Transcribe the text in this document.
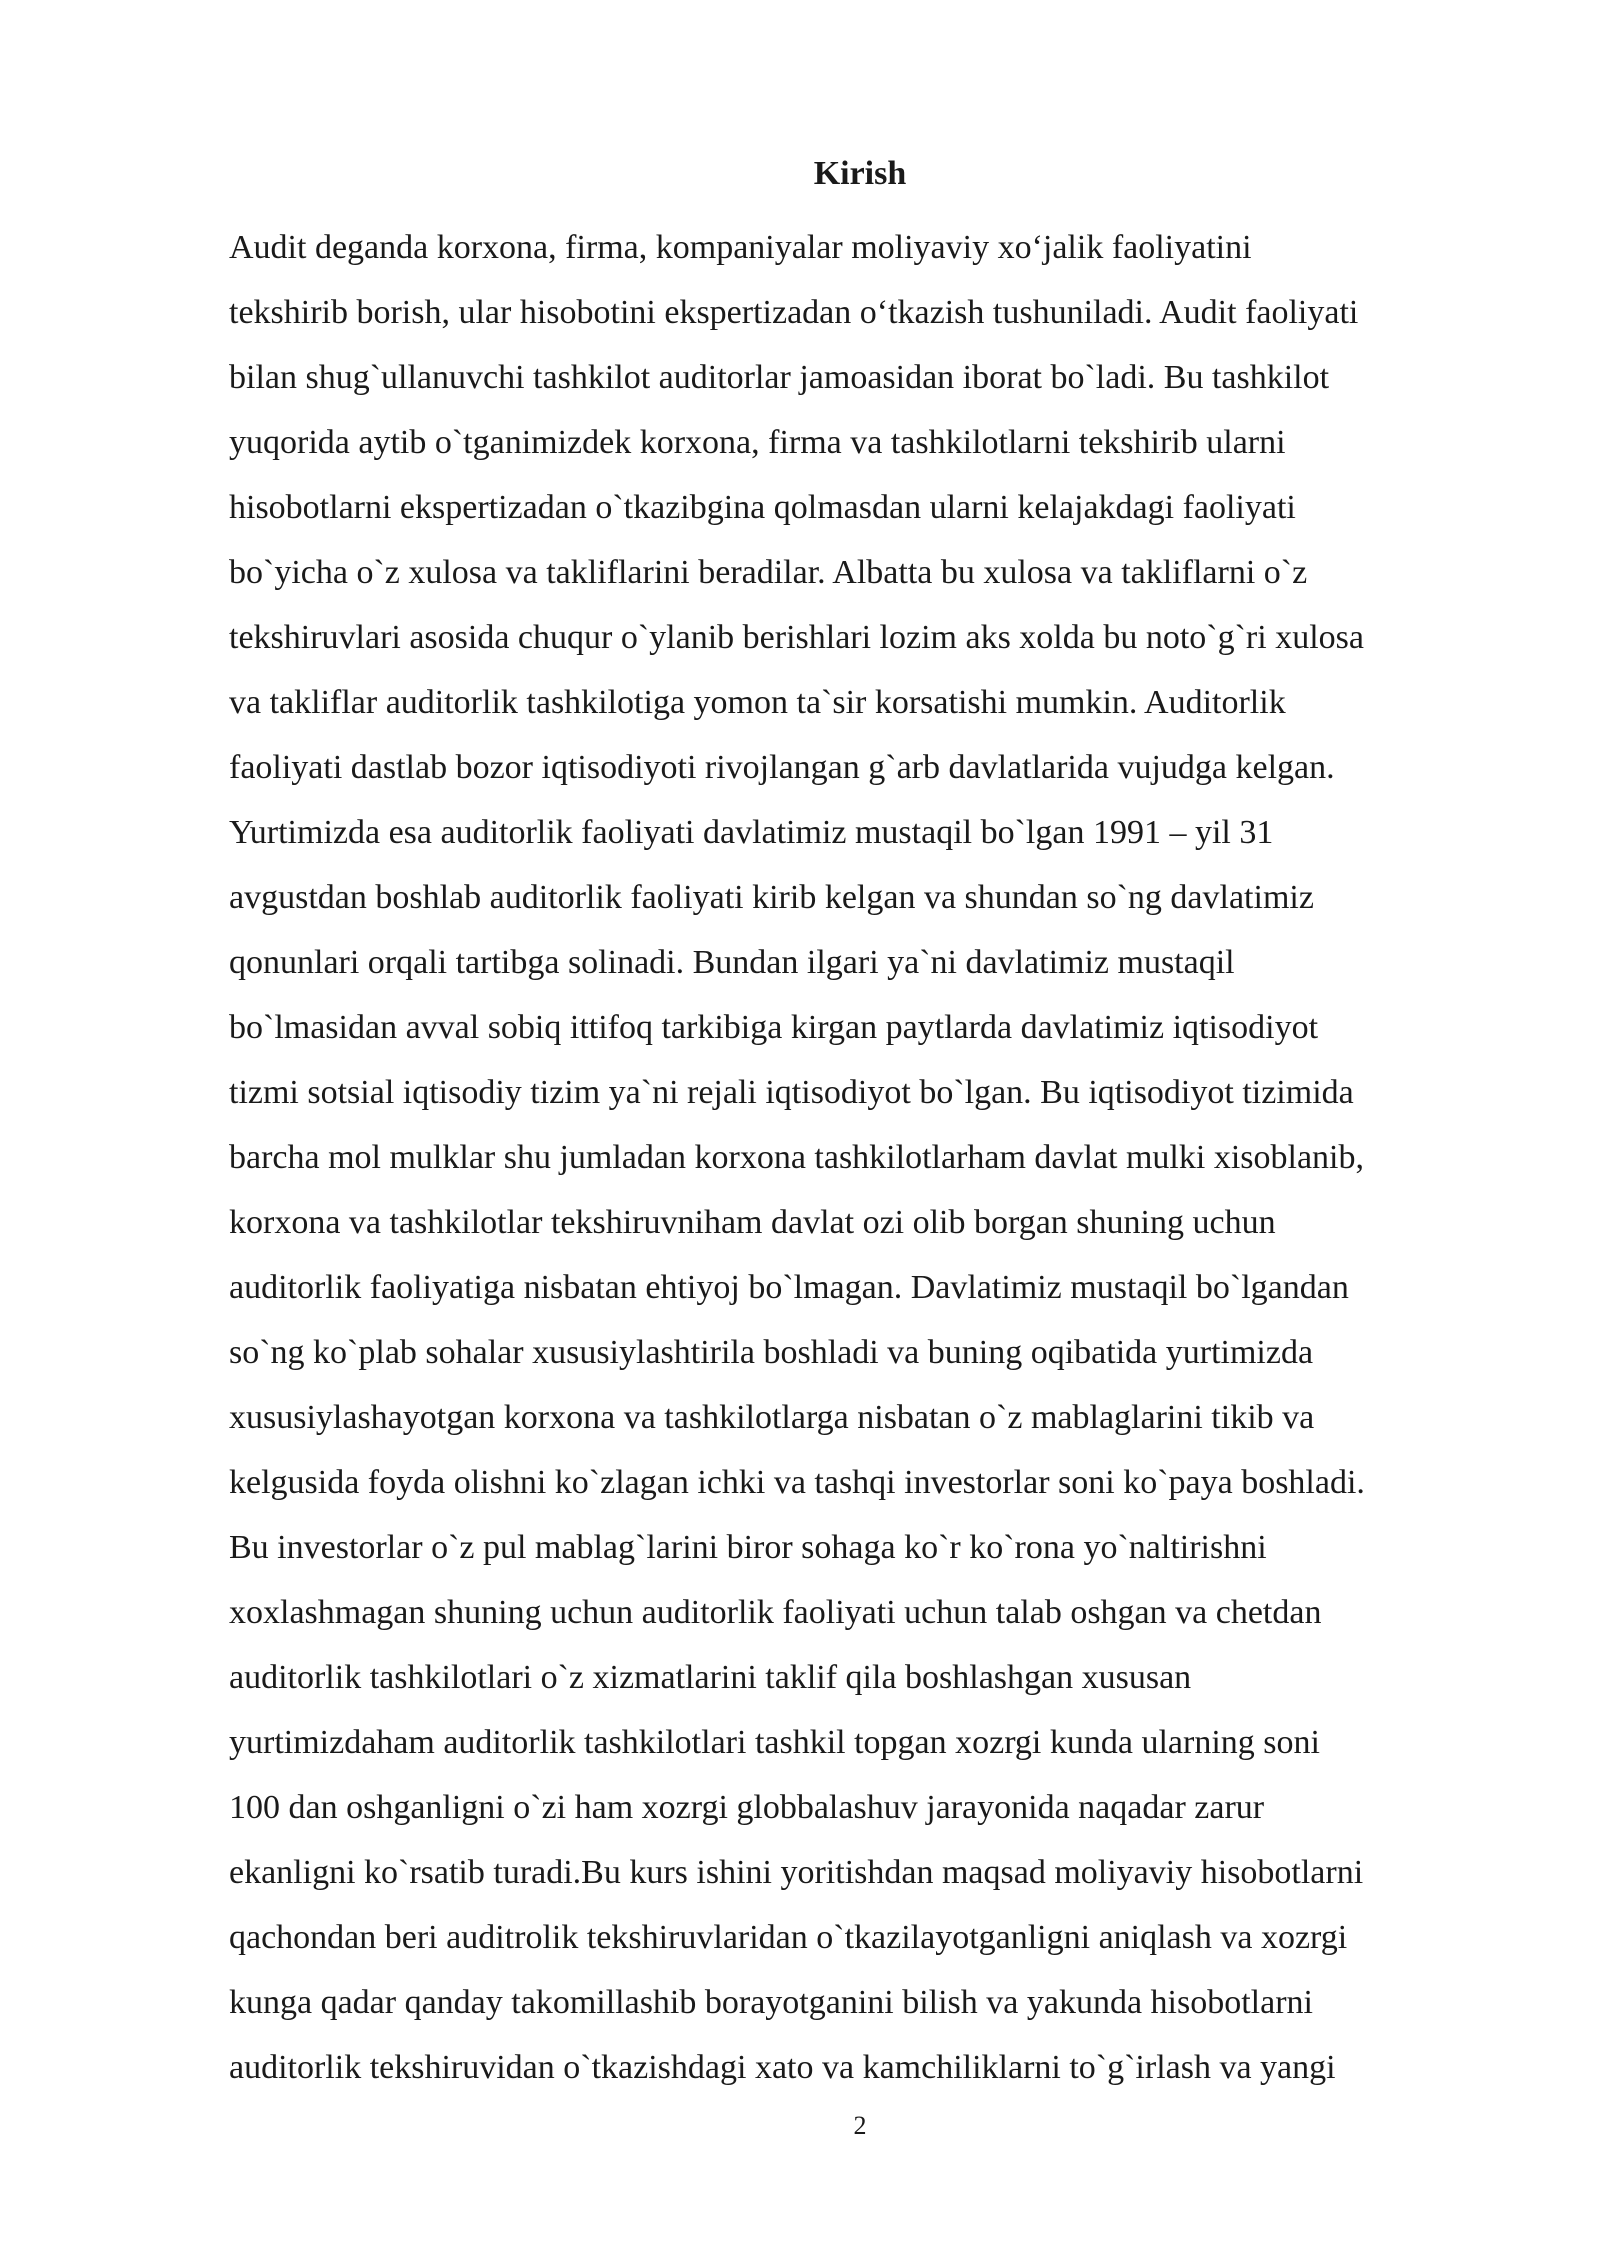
Kirish
Audit deganda korxona, firma, kompaniyalar moliyaviy xo‘jalik faoliyatini
tekshirib borish, ular hisobotini ekspertizadan o‘tkazish tushuniladi. Audit faoliyati
bilan shug`ullanuvchi tashkilot auditorlar jamoasidan iborat bo`ladi. Bu tashkilot
yuqorida aytib o`tganimizdek korxona, firma va tashkilotlarni tekshirib ularni
hisobotlarni ekspertizadan o`tkazibgina qolmasdan ularni kelajakdagi faoliyati
bo`yicha o`z xulosa va takliflarini beradilar. Albatta bu xulosa va takliflarni o`z
tekshiruvlari asosida chuqur o`ylanib berishlari lozim aks xolda bu noto`g`ri xulosa
va takliflar auditorlik tashkilotiga yomon ta`sir korsatishi mumkin. Auditorlik
faoliyati dastlab bozor iqtisodiyoti rivojlangan g`arb davlatlarida vujudga kelgan.
Yurtimizda esa auditorlik faoliyati davlatimiz mustaqil bo`lgan 1991 – yil 31
avgustdan boshlab auditorlik faoliyati kirib kelgan va shundan so`ng davlatimiz
qonunlari orqali tartibga solinadi. Bundan ilgari ya`ni davlatimiz mustaqil
bo`lmasidan avval sobiq ittifoq tarkibiga kirgan paytlarda davlatimiz iqtisodiyot
tizmi sotsial iqtisodiy tizim ya`ni rejali iqtisodiyot bo`lgan. Bu iqtisodiyot tizimida
barcha mol mulklar shu jumladan korxona tashkilotlarham davlat mulki xisoblanib,
korxona va tashkilotlar tekshiruvniham davlat ozi olib borgan shuning uchun
auditorlik faoliyatiga nisbatan ehtiyoj bo`lmagan. Davlatimiz mustaqil bo`lgandan
so`ng ko`plab sohalar xususiylashtirila boshladi va buning oqibatida yurtimizda
xususiylashayotgan korxona va tashkilotlarga nisbatan o`z mablaglarini tikib va
kelgusida foyda olishni ko`zlagan ichki va tashqi investorlar soni ko`paya boshladi.
Bu investorlar o`z pul mablag`larini biror sohaga ko`r ko`rona yo`naltirishni
xoxlashmagan shuning uchun auditorlik faoliyati uchun talab oshgan va chetdan
auditorlik tashkilotlari o`z xizmatlarini taklif qila boshlashgan xususan
yurtimizdaham auditorlik tashkilotlari tashkil topgan xozrgi kunda ularning soni
100 dan oshganligni o`zi ham xozrgi globbalashuv jarayonida naqadar zarur
ekanligni ko`rsatib turadi.Bu kurs ishini yoritishdan maqsad moliyaviy hisobotlarni
qachondan beri auditrolik tekshiruvlaridan o`tkazilayotganligni aniqlash va xozrgi
kunga qadar qanday takomillashib borayotganini bilish va yakunda hisobotlarni
auditorlik tekshiruvidan o`tkazishdagi xato va kamchiliklarni to`g`irlash va yangi
2
